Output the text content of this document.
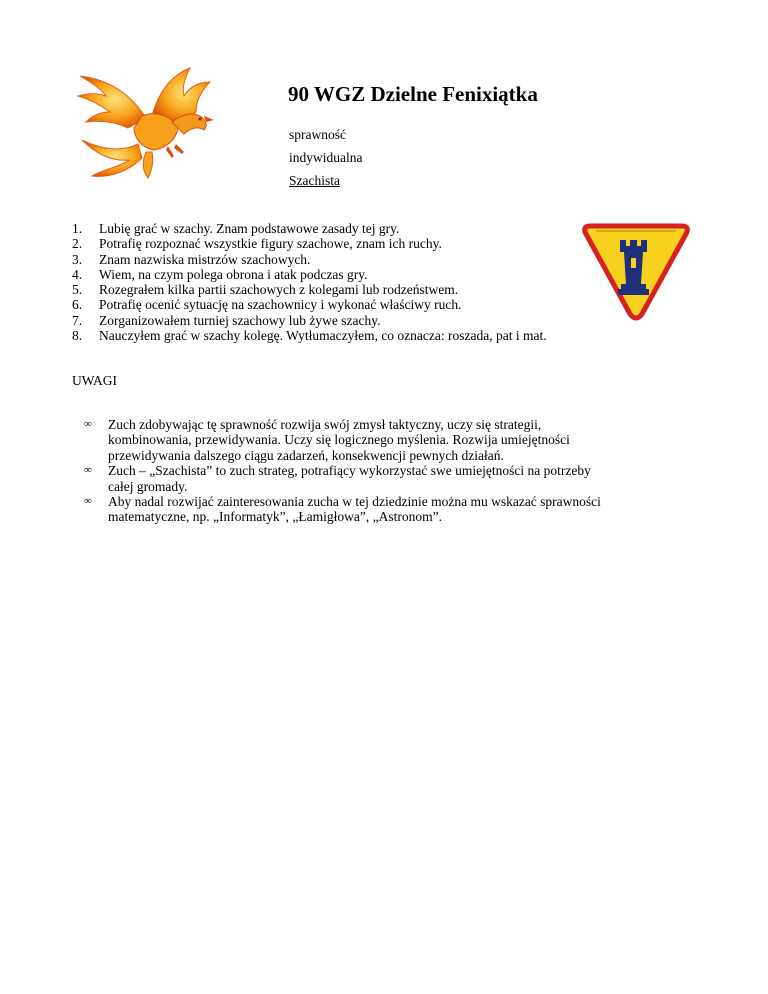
90 WGZ Dzielne Fenixiątka
sprawność
indywidualna
Szachista
1. Lubię grać w szachy. Znam podstawowe zasady tej gry.
2. Potrafię rozpoznać wszystkie figury szachowe, znam ich ruchy.
3. Znam nazwiska mistrzów szachowych.
4. Wiem, na czym polega obrona i atak podczas gry.
5. Rozegrałem kilka partii szachowych z kolegami lub rodzeństwem.
6. Potrafię ocenić sytuację na szachownicy i wykonać właściwy ruch.
7. Zorganizowałem turniej szachowy lub żywe szachy.
8. Nauczyłem grać w szachy kolegę. Wytłumaczyłem, co oznacza: roszada, pat i mat.
UWAGI
∞ Zuch zdobywając tę sprawność rozwija swój zmysł taktyczny, uczy się strategii,
kombinowania, przewidywania. Uczy się logicznego myślenia. Rozwija umiejętności
przewidywania dalszego ciągu zadarzeń, konsekwencji pewnych działań.
∞ Zuch – „Szachista” to zuch strateg, potrafiący wykorzystać swe umiejętności na potrzeby
całej gromady.
∞ Aby nadal rozwijać zainteresowania zucha w tej dziedzinie można mu wskazać sprawności
matematyczne, np. „Informatyk”, „Łamigłowa”, „Astronom”.
